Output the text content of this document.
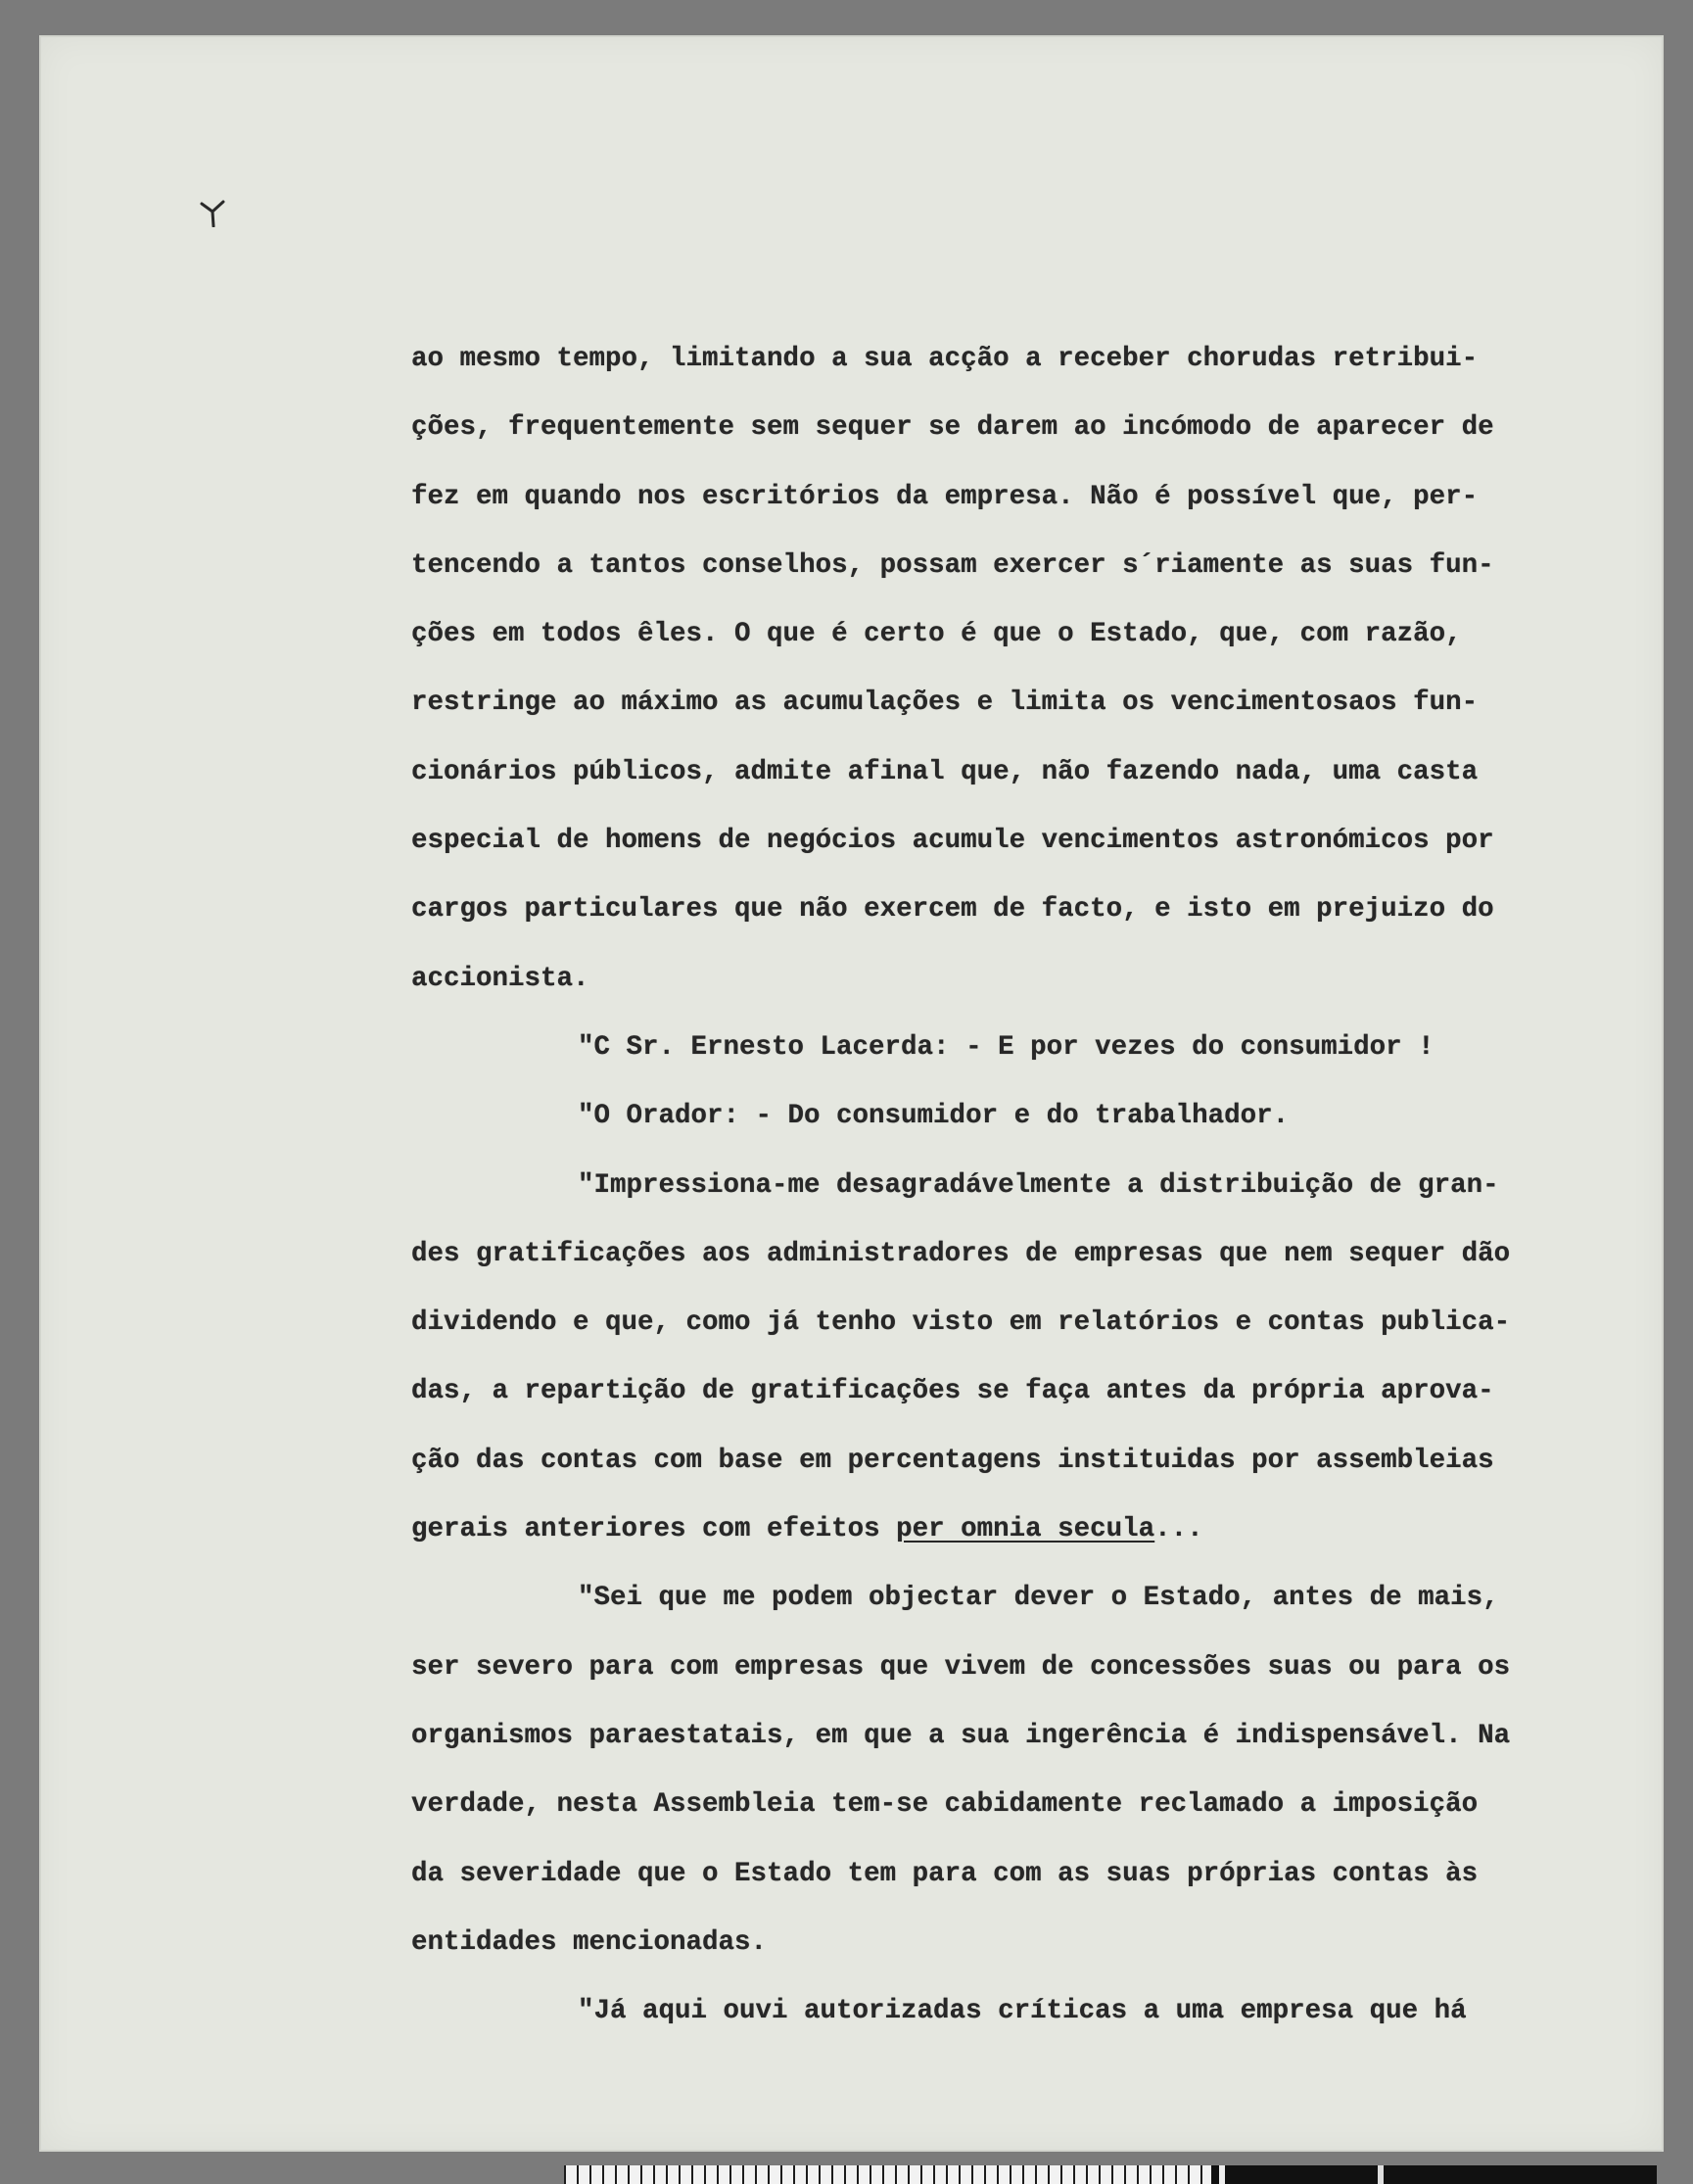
ao mesmo tempo, limitando a sua acção a receber chorudas retribui-
ções, frequentemente sem sequer se darem ao incómodo de aparecer de
fez em quando nos escritórios da empresa. Não é possível que, per-
tencendo a tantos conselhos, possam exercer s´riamente as suas fun-
ções em todos êles. O que é certo é que o Estado, que, com razão,
restringe ao máximo as acumulações e limita os vencimentosaos fun-
cionários públicos, admite afinal que, não fazendo nada, uma casta
especial de homens de negócios acumule vencimentos astronómicos por
cargos particulares que não exercem de facto, e isto em prejuizo do
accionista.
"C Sr. Ernesto Lacerda: - E por vezes do consumidor !
"O Orador: - Do consumidor e do trabalhador.
"Impressiona-me desagradávelmente a distribuição de gran-
des gratificações aos administradores de empresas que nem sequer dão
dividendo e que, como já tenho visto em relatórios e contas publica-
das, a repartição de gratificações se faça antes da própria aprova-
ção das contas com base em percentagens instituidas por assembleias
gerais anteriores com efeitos per omnia secula...
"Sei que me podem objectar dever o Estado, antes de mais,
ser severo para com empresas que vivem de concessões suas ou para os
organismos paraestatais, em que a sua ingerência é indispensável. Na
verdade, nesta Assembleia tem-se cabidamente reclamado a imposição
da severidade que o Estado tem para com as suas próprias contas às
entidades mencionadas.
"Já aqui ouvi autorizadas críticas a uma empresa que há
